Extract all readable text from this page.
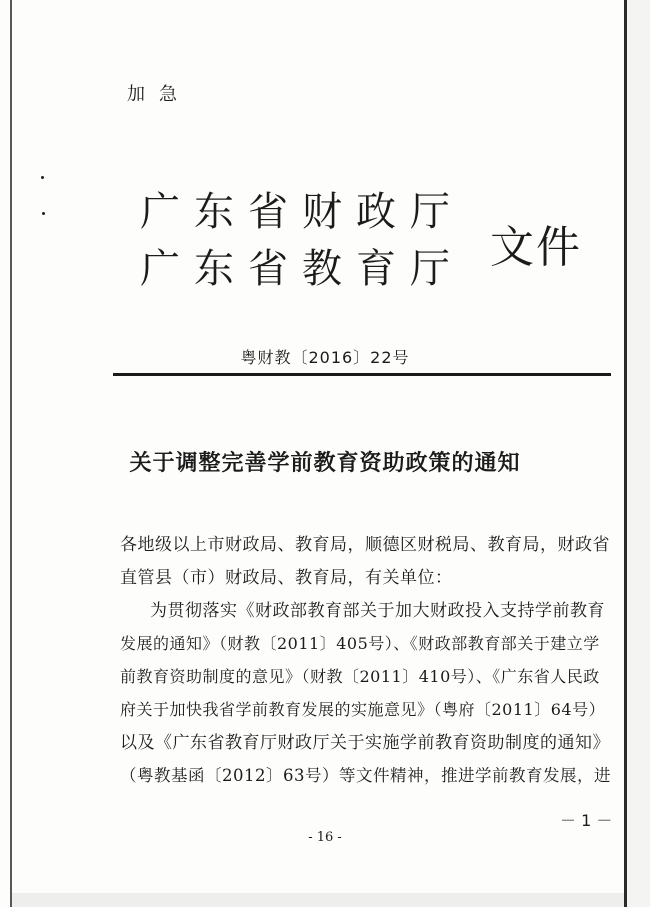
加急
广东省财政厅
广东省教育厅 文件
粤财教〔2016〕22号
关于调整完善学前教育资助政策的通知
各地级以上市财政局、教育局，顺德区财税局、教育局，财政省
直管县（市）财政局、教育局，有关单位：
为贯彻落实《财政部教育部关于加大财政投入支持学前教育
发展的通知》（财教〔2011〕405号）、《财政部教育部关于建立学
前教育资助制度的意见》（财教〔2011〕410号）、《广东省人民政
府关于加快我省学前教育发展的实施意见》（粤府〔2011〕64号）
以及《广东省教育厅财政厅关于实施学前教育资助制度的通知》
（粤教基函〔2012〕63号）等文件精神，推进学前教育发展，进
－ 1 －
- 16 -
